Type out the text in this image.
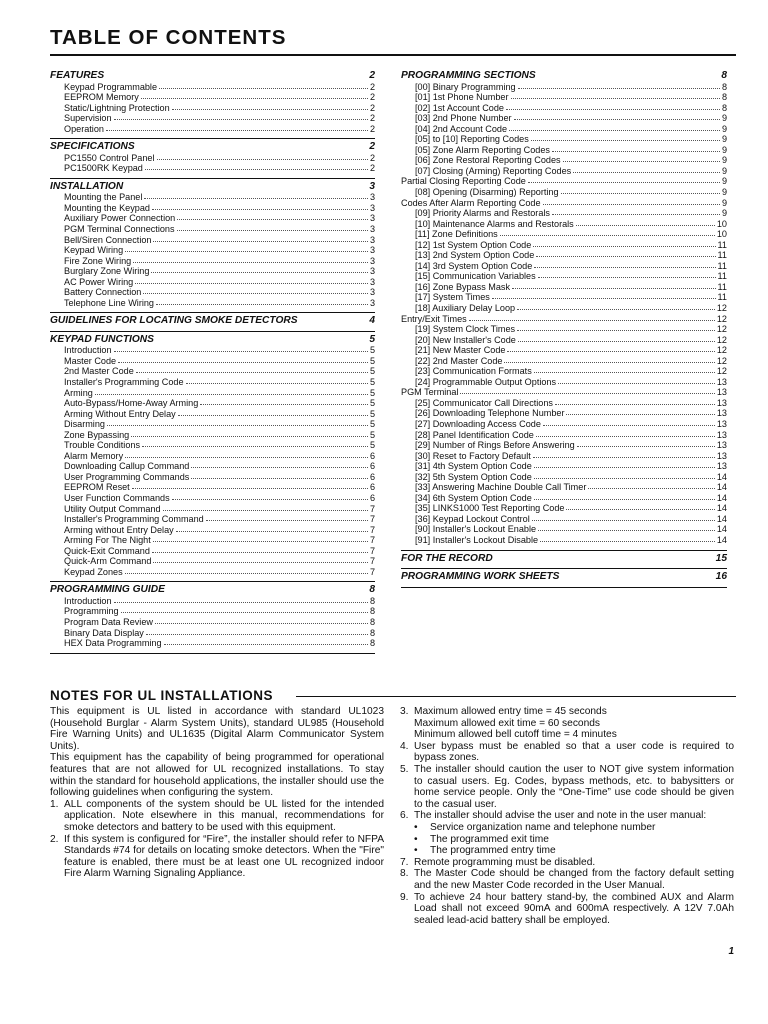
TABLE OF CONTENTS
FEATURES	2
Keypad Programmable	2
EEPROM Memory	2
Static/Lightning Protection	2
Supervision	2
Operation	2
SPECIFICATIONS	2
PC1550 Control Panel	2
PC1500RK Keypad	2
INSTALLATION	3
Mounting the Panel	3
Mounting the Keypad	3
Auxiliary Power Connection	3
PGM Terminal Connections	3
Bell/Siren Connection	3
Keypad Wiring	3
Fire Zone Wiring	3
Burglary Zone Wiring	3
AC Power Wiring	3
Battery Connection	3
Telephone Line Wiring	3
GUIDELINES FOR LOCATING SMOKE DETECTORS	4
KEYPAD FUNCTIONS	5
Introduction	5
Master Code	5
2nd Master Code	5
Installer's Programming Code	5
Arming	5
Auto-Bypass/Home-Away Arming	5
Arming Without Entry Delay	5
Disarming	5
Zone Bypassing	5
Trouble Conditions	5
Alarm Memory	6
Downloading Callup Command	6
User Programming Commands	6
EEPROM Reset	6
User Function Commands	6
Utility Output Command	7
Installer's Programming Command	7
Arming without Entry Delay	7
Arming For The Night	7
Quick-Exit Command	7
Quick-Arm Command	7
Keypad Zones	7
PROGRAMMING GUIDE	8
Introduction	8
Programming	8
Program Data Review	8
Binary Data Display	8
HEX Data Programming	8
PROGRAMMING SECTIONS	8
[00] Binary Programming	8
[01] 1st Phone Number	8
[02] 1st Account Code	8
[03] 2nd Phone Number	9
[04] 2nd Account Code	9
[05] to [10] Reporting Codes	9
[05] Zone Alarm Reporting Codes	9
[06] Zone Restoral Reporting Codes	9
[07] Closing (Arming) Reporting Codes	9
Partial Closing Reporting Code	9
[08] Opening (Disarming) Reporting	9
Codes After Alarm Reporting Code	9
[09] Priority Alarms and Restorals	9
[10] Maintenance Alarms and Restorals	10
[11] Zone Definitions	10
[12] 1st System Option Code	11
[13] 2nd System Option Code	11
[14] 3rd System Option Code	11
[15] Communication Variables	11
[16] Zone Bypass Mask	11
[17] System Times	11
[18] Auxiliary Delay Loop	12
Entry/Exit Times	12
[19] System Clock Times	12
[20] New Installer's Code	12
[21] New Master Code	12
[22] 2nd Master Code	12
[23] Communication Formats	12
[24] Programmable Output Options	13
PGM Terminal	13
[25] Communicator Call Directions	13
[26] Downloading Telephone Number	13
[27] Downloading Access Code	13
[28] Panel Identification Code	13
[29] Number of Rings Before Answering	13
[30] Reset to Factory Default	13
[31] 4th System Option Code	13
[32] 5th System Option Code	14
[33] Answering Machine Double Call Timer	14
[34] 6th System Option Code	14
[35] LINKS1000 Test Reporting Code	14
[36] Keypad Lockout Control	14
[90] Installer's Lockout Enable	14
[91] Installer's Lockout Disable	14
FOR THE RECORD	15
PROGRAMMING WORK SHEETS	16
NOTES FOR UL INSTALLATIONS

This equipment is UL listed in accordance with standard UL1023 (Household Burglar - Alarm System Units), standard UL985 (Household Fire Warning Units) and UL1635 (Digital Alarm Communicator System Units).

This equipment has the capability of being programmed for operational features that are not allowed for UL recognized installations. To stay within the standard for household applications, the installer should use the following guidelines when configuring the system.

1. ALL components of the system should be UL listed for the intended application. Note elsewhere in this manual, recommendations for smoke detectors and battery to be used with this equipment.
2. If this system is configured for “Fire”, the installer should refer to NFPA Standards #74 for details on locating smoke detectors. When the "Fire" feature is enabled, there must be at least one UL recognized indoor Fire Alarm Warning Signaling Appliance.
3. Maximum allowed entry time = 45 seconds

Maximum allowed exit time = 60 seconds

Minimum allowed bell cutoff time = 4 minutes

4. User bypass must be enabled so that a user code is required to bypass zones.
5. The installer should caution the user to NOT give system information to casual users. Eg. Codes, bypass methods, etc. to babysitters or home service people. Only the “One-Time” use code should be given to the casual user.
6. The installer should advise the user and note in the user manual:
•	Service organization name and telephone number
•	The programmed exit time
•	The programmed entry time
7. Remote programming must be disabled.
8. The Master Code should be changed from the factory default setting and the new Master Code recorded in the User Manual.
9. To achieve 24 hour battery stand-by, the combined AUX and Alarm Load shall not exceed 90mA and 600mA respectively. A 12V 7.0Ah sealed lead-acid battery shall be employed.
1
